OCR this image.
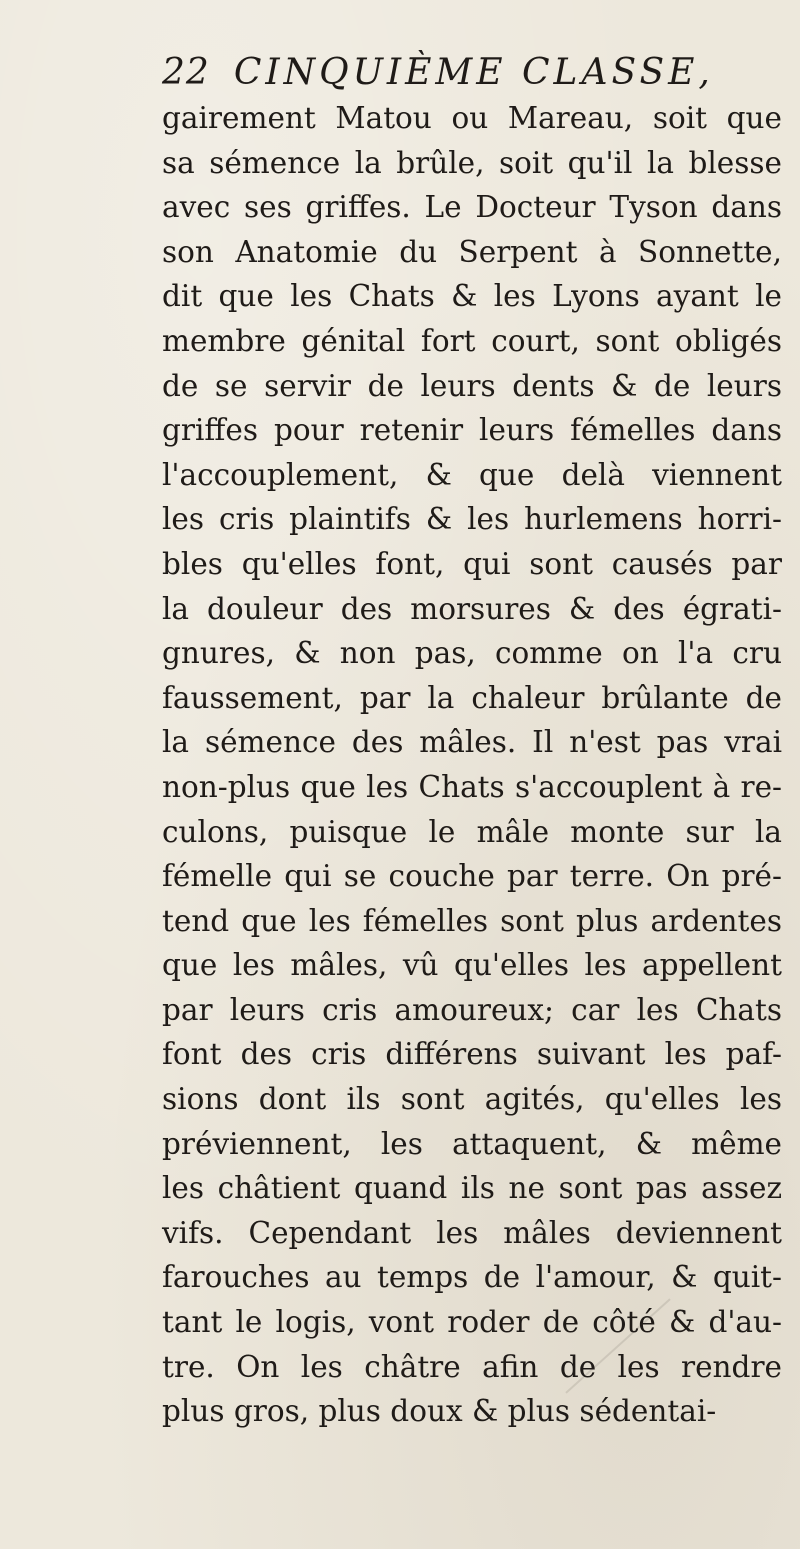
22 CINQUIÈME CLASSE,
gairement Matou ou Mareau, soit que
sa sémence la brûle, soit qu'il la blesse
avec ses griffes. Le Docteur Tyson dans
son Anatomie du Serpent à Sonnette,
dit que les Chats & les Lyons ayant le
membre génital fort court, sont obligés
de se servir de leurs dents & de leurs
griffes pour retenir leurs fémelles dans
l'accouplement, & que delà viennent
les cris plaintifs & les hurlemens horri-
bles qu'elles font, qui sont causés par
la douleur des morsures & des égrati-
gnures, & non pas, comme on l'a cru
faussement, par la chaleur brûlante de
la sémence des mâles. Il n'est pas vrai
non-plus que les Chats s'accouplent à re-
culons, puisque le mâle monte sur la
fémelle qui se couche par terre. On pré-
tend que les fémelles sont plus ardentes
que les mâles, vû qu'elles les appellent
par leurs cris amoureux; car les Chats
font des cris différens suivant les paf-
sions dont ils sont agités, qu'elles les
préviennent, les attaquent, & même
les châtient quand ils ne sont pas assez
vifs. Cependant les mâles deviennent
farouches au temps de l'amour, & quit-
tant le logis, vont roder de côté & d'au-
tre. On les châtre afin de les rendre
plus gros, plus doux & plus sédentai-
